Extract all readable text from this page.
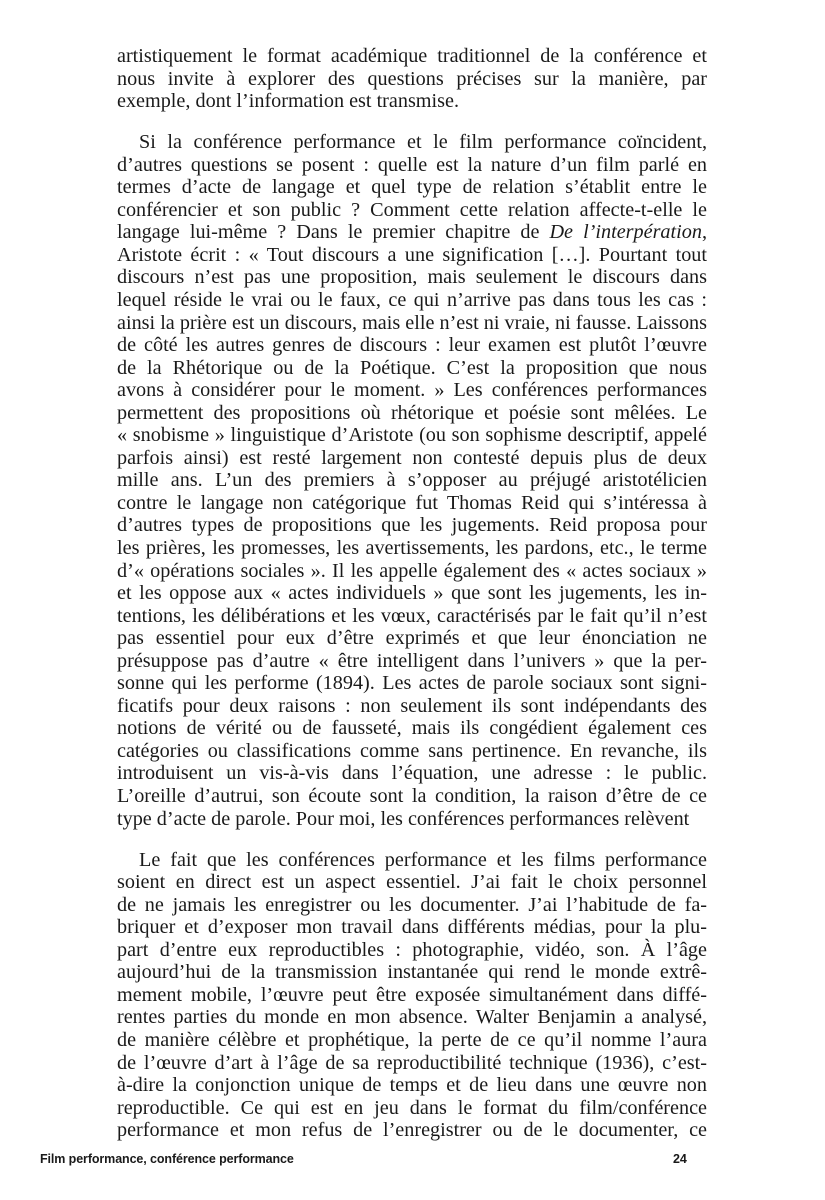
artistiquement le format académique traditionnel de la conférence et
nous invite à explorer des questions précises sur la manière, par
exemple, dont l’information est transmise.
Si la conférence performance et le film performance coïncident,
d’autres questions se posent : quelle est la nature d’un film parlé en
termes d’acte de langage et quel type de relation s’établit entre le
conférencier et son public ? Comment cette relation affecte-t-elle le
langage lui-même ? Dans le premier chapitre de De l’interpération,
Aristote écrit : « Tout discours a une signification […]. Pourtant tout
discours n’est pas une proposition, mais seulement le discours dans
lequel réside le vrai ou le faux, ce qui n’arrive pas dans tous les cas :
ainsi la prière est un discours, mais elle n’est ni vraie, ni fausse. Laissons
de côté les autres genres de discours : leur examen est plutôt l’œuvre
de la Rhétorique ou de la Poétique. C’est la proposition que nous
avons à considérer pour le moment. » Les conférences performances
permettent des propositions où rhétorique et poésie sont mêlées. Le
« snobisme » linguistique d’Aristote (ou son sophisme descriptif, appelé
parfois ainsi) est resté largement non contesté depuis plus de deux
mille ans. L’un des premiers à s’opposer au préjugé aristotélicien
contre le langage non catégorique fut Thomas Reid qui s’intéressa à
d’autres types de propositions que les jugements. Reid proposa pour
les prières, les promesses, les avertissements, les pardons, etc., le terme
d’« opérations sociales ». Il les appelle également des « actes sociaux »
et les oppose aux « actes individuels » que sont les jugements, les in-
tentions, les délibérations et les vœux, caractérisés par le fait qu’il n’est
pas essentiel pour eux d’être exprimés et que leur énonciation ne
présuppose pas d’autre « être intelligent dans l’univers » que la per-
sonne qui les performe (1894). Les actes de parole sociaux sont signi-
ficatifs pour deux raisons : non seulement ils sont indépendants des
notions de vérité ou de fausseté, mais ils congédient également ces
catégories ou classifications comme sans pertinence. En revanche, ils
introduisent un vis-à-vis dans l’équation, une adresse : le public.
L’oreille d’autrui, son écoute sont la condition, la raison d’être de ce
type d’acte de parole. Pour moi, les conférences performances relèvent
Le fait que les conférences performance et les films performance
soient en direct est un aspect essentiel. J’ai fait le choix personnel
de ne jamais les enregistrer ou les documenter. J’ai l’habitude de fa-
briquer et d’exposer mon travail dans différents médias, pour la plu-
part d’entre eux reproductibles : photographie, vidéo, son. À l’âge
aujourd’hui de la transmission instantanée qui rend le monde extrê-
mement mobile, l’œuvre peut être exposée simultanément dans diffé-
rentes parties du monde en mon absence. Walter Benjamin a analysé,
de manière célèbre et prophétique, la perte de ce qu’il nomme l’aura
de l’œuvre d’art à l’âge de sa reproductibilité technique (1936), c’est-
à-dire la conjonction unique de temps et de lieu dans une œuvre non
reproductible. Ce qui est en jeu dans le format du film/conférence
performance et mon refus de l’enregistrer ou de le documenter, ce
Film performance, conférence performance	24
